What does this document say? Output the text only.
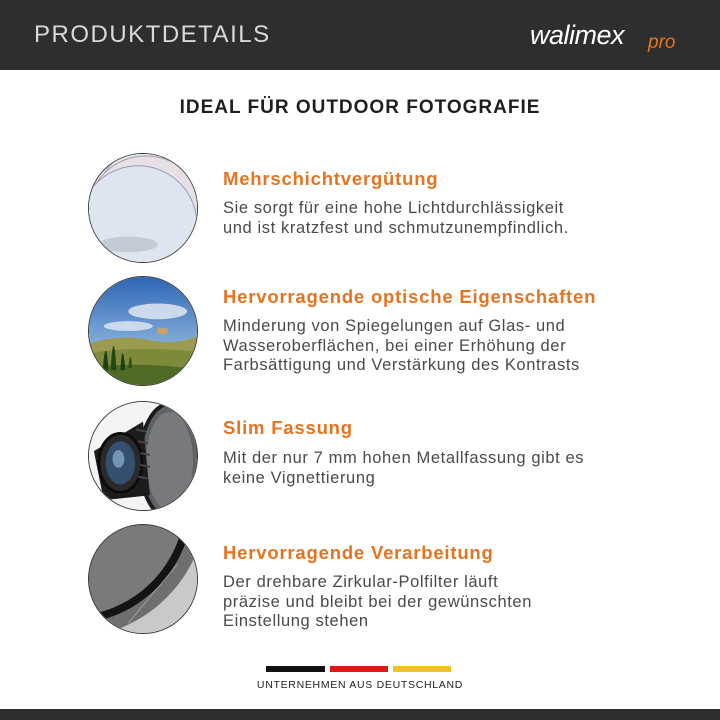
PRODUKTDETAILS	walimex pro
IDEAL FÜR OUTDOOR FOTOGRAFIE
Mehrschichtvergütung
Sie sorgt für eine hohe Lichtdurchlässigkeit
und ist kratzfest und schmutzunempfindlich.
Hervorragende optische Eigenschaften
Minderung von Spiegelungen auf Glas- und
Wasseroberflächen, bei einer Erhöhung der
Farbsättigung und Verstärkung des Kontrasts
Slim Fassung
Mit der nur 7 mm hohen Metallfassung gibt es
keine Vignettierung
Hervorragende Verarbeitung
Der drehbare Zirkular-Polfilter läuft
präzise und bleibt bei der gewünschten
Einstellung stehen
UNTERNEHMEN AUS DEUTSCHLAND
